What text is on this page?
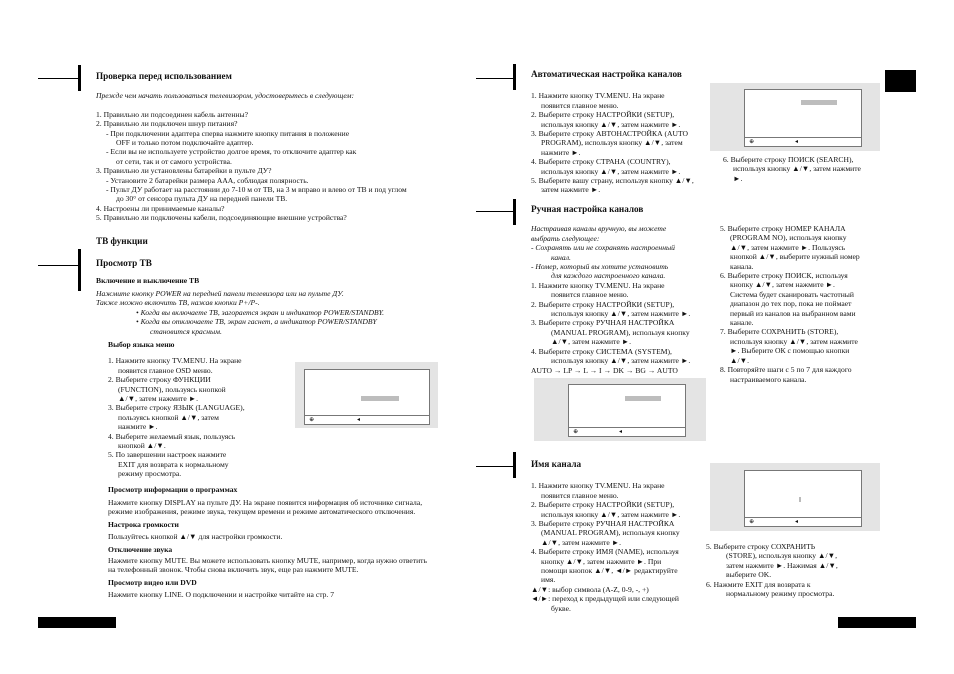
Проверка перед использованием

Прежде чем начать пользоваться телевизором, удостоверьтесь в следующем:

1. Правильно ли подсоединен кабель антенны?

2. Правильно ли подключен шнур питания?

- При подключении адаптера сперва нажмите кнопку питания в положение

OFF и только потом подключайте адаптер.

- Если вы не используете устройство долгое время, то отключите адаптер как

от сети, так и от самого устройства.

3. Правильно ли установлены батарейки в пульте ДУ?

- Установите 2 батарейки размера AAA, соблюдая полярность.

- Пульт ДУ работает на расстоянии до 7-10 м от ТВ, на 3 м вправо и влево от ТВ и под углом

до 30° от сенсора пульта ДУ на передней панели ТВ.

4. Настроены ли принимаемые каналы?

5. Правильно ли подключены кабели, подсоединяющие внешние устройства?

ТВ функции

Просмотр ТВ

Включение и выключение ТВ

Нажмите кнопку POWER на передней панели телевизора или на пульте ДУ.

Также можно включить ТВ, нажав кнопки P+/P-.

• Когда вы включаете ТВ, загорается экран и индикатор POWER/STANDBY.

• Когда вы отключаете ТВ, экран гаснет, а индикатор POWER/STANDBY

становится красным.

Выбор языка меню

1. Нажмите кнопку TV.MENU. На экране

появится главное OSD меню.

2. Выберите строку ФУНКЦИИ

(FUNCTION), пользуясь кнопкой

▲/▼, затем нажмите ►.

3. Выберите строку ЯЗЫК (LANGUAGE),

пользуясь кнопкой ▲/▼, затем

нажмите ►.

4. Выберите желаемый язык, пользуясь

кнопкой ▲/▼.

5. По завершении настроек нажмите

EXIT для возврата к нормальному

режиму просмотра.

Просмотр информации о программах

Нажмите кнопку DISPLAY на пульте ДУ. На экране появится информация об источнике сигнала,

режиме изображения, режиме звука, текущем времени и режиме автоматического отключения.

Настрока громкости

Пользуйтесь кнопкой ▲/▼ для настройки громкости.

Отключение звука

Нажмите кнопку MUTE. Вы можете использовать кнопку MUTE, например, когда нужно ответить

на телефонный звонок. Чтобы снова включить звук, еще раз нажмите MUTE.

Просмотр видео или DVD

Нажмите кнопку LINE. О подключении и настройке читайте на стр. 7

⊕	◂

Автоматическая настройка каналов

1. Нажмите кнопку TV.MENU. На экране

появится главное меню.

2. Выберите строку НАСТРОЙКИ (SETUP),

используя кнопку ▲/▼, затем нажмите ►.

3. Выберите строку АВТОНАСТРОЙКА (AUTO

PROGRAM), используя кнопку ▲/▼, затем

нажмите ►.

4. Выберите строку СТРАНА (COUNTRY),

используя кнопку ▲/▼, затем нажмите ►.

5. Выберите вашу страну, используя кнопку ▲/▼,

затем нажмите ►.

⊕	◂

6. Выберите строку ПОИСК (SEARCH),

используя кнопку ▲/▼, затем нажмите

►.

Ручная настройка каналов

Настраивая каналы вручную, вы можете

выбрать следующее:

- Сохранять или не сохранять настроенный

канал.

- Номер, который вы хотите установить

для каждого настроенного канала.

1. Нажмите кнопку TV.MENU. На экране

появится главное меню.

2. Выберите строку НАСТРОЙКИ (SETUP),

используя кнопку ▲/▼, затем нажмите ►.

3. Выберите строку РУЧНАЯ НАСТРОЙКА

(MANUAL PROGRAM), используя кнопку

▲/▼, затем нажмите ►.

4. Выберите строку СИСТЕМА (SYSTEM),

используя кнопку ▲/▼, затем нажмите ►.

AUTO → LP → L → I → DK → BG → AUTO

⊕	◂

5. Выберите строку НОМЕР КАНАЛА

(PROGRAM NO), используя кнопку

▲/▼, затем нажмите ►. Пользуясь

кнопкой ▲/▼, выберите нужный номер

канала.

6. Выберите строку ПОИСК, используя

кнопку ▲/▼, затем нажмите ►.

Система будет сканировать частотный

диапазон до тех пор, пока не поймает

первый из каналов на выбранном вами

канале.

7. Выберите СОХРАНИТЬ (STORE),

используя кнопку ▲/▼, затем нажмите

►. Выберите ОК с помощью кнопки

▲/▼.

8. Повторяйте шаги с 5 по 7 для каждого

настраиваемого канала.

Имя канала

1. Нажмите кнопку TV.MENU. На экране

появится главное меню.

2. Выберите строку НАСТРОЙКИ (SETUP),

используя кнопку ▲/▼, затем нажмите ►.

3. Выберите строку РУЧНАЯ НАСТРОЙКА

(MANUAL PROGRAM), используя кнопку

▲/▼, затем нажмите ►.

4. Выберите строку ИМЯ (NAME), используя

кнопку ▲/▼, затем нажмите ►. При

помощи кнопок ▲/▼, ◄/► редактируйте

имя.

▲/▼: выбор символа (A-Z, 0-9, -, +)

◄/►: переход к предыдущей или следующей

букве.

⊕	◂

5. Выберите строку СОХРАНИТЬ

(STORE), используя кнопку ▲/▼,

затем нажмите ►. Нажимая ▲/▼,

выберите OK.

6. Нажмите EXIT для возврата к

нормальному режиму просмотра.
